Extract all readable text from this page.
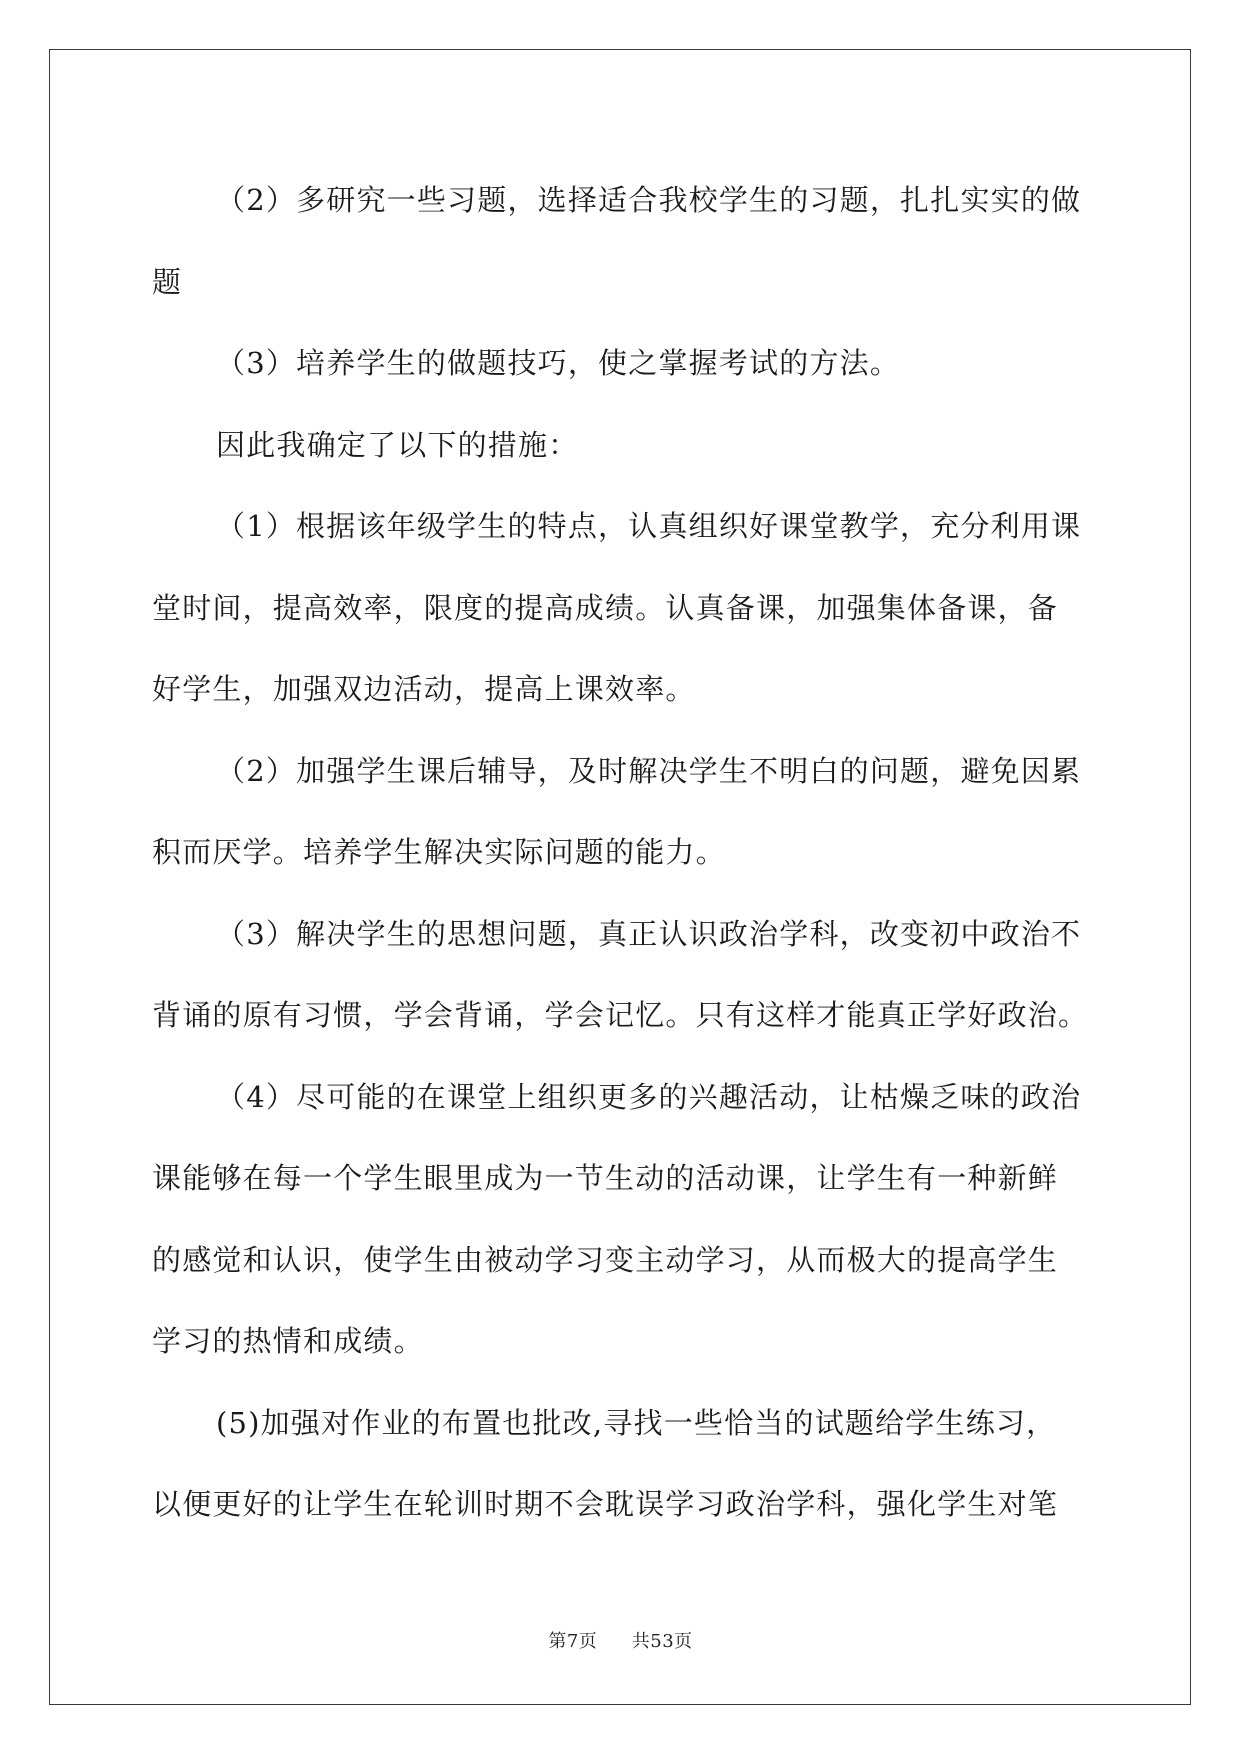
（2）多研究一些习题，选择适合我校学生的习题，扎扎实实的做
题

（3）培养学生的做题技巧，使之掌握考试的方法。

因此我确定了以下的措施：

（1）根据该年级学生的特点，认真组织好课堂教学，充分利用课
堂时间，提高效率，限度的提高成绩。认真备课，加强集体备课，备
好学生，加强双边活动，提高上课效率。

（2）加强学生课后辅导，及时解决学生不明白的问题，避免因累
积而厌学。培养学生解决实际问题的能力。

（3）解决学生的思想问题，真正认识政治学科，改变初中政治不
背诵的原有习惯，学会背诵，学会记忆。只有这样才能真正学好政治。

（4）尽可能的在课堂上组织更多的兴趣活动，让枯燥乏味的政治
课能够在每一个学生眼里成为一节生动的活动课，让学生有一种新鲜
的感觉和认识，使学生由被动学习变主动学习，从而极大的提高学生
学习的热情和成绩。

(5)加强对作业的布置也批改,寻找一些恰当的试题给学生练习，
以便更好的让学生在轮训时期不会耽误学习政治学科，强化学生对笔

第7页 共53页
